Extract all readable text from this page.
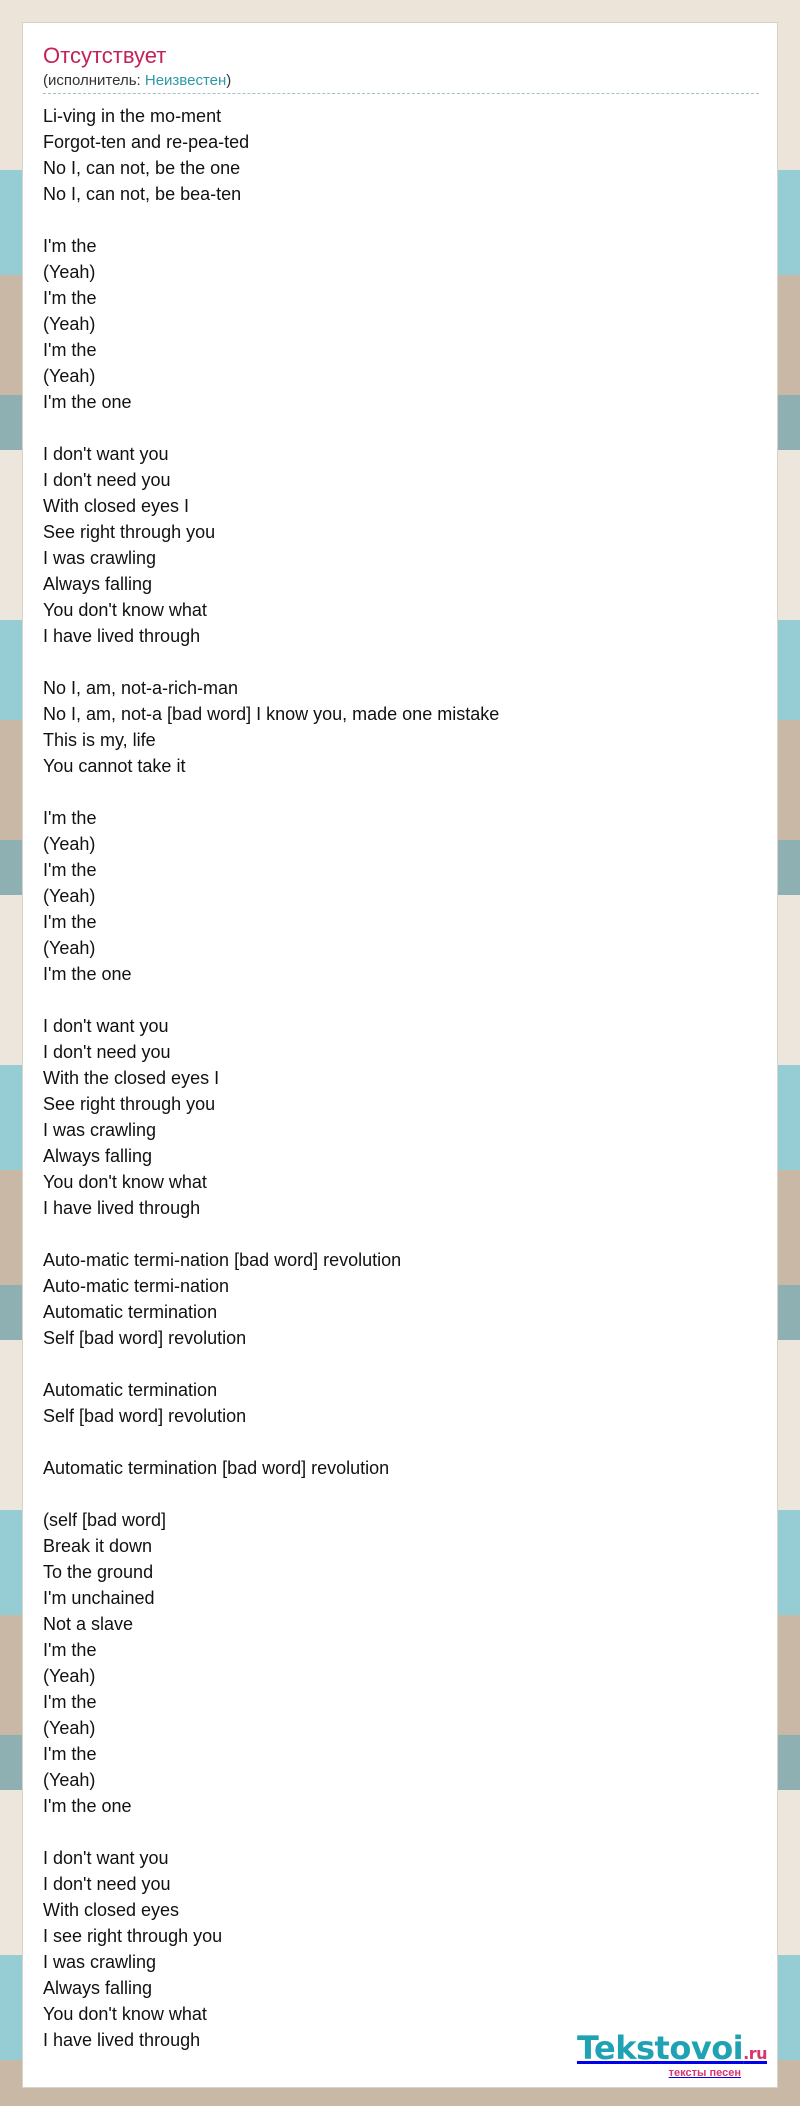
Отсутствует
(исполнитель: Неизвестен)
Li-ving in the mo-ment
Forgot-ten and re-pea-ted
No I, can not, be the one
No I, can not, be bea-ten
I'm the
(Yeah)
I'm the
(Yeah)
I'm the
(Yeah)
I'm the one
I don't want you
I don't need you
With closed eyes I
See right through you
I was crawling
Always falling
You don't know what
I have lived through
No I, am, not-a-rich-man
No I, am, not-a [bad word] I know you, made one mistake
This is my, life
You cannot take it
I'm the
(Yeah)
I'm the
(Yeah)
I'm the
(Yeah)
I'm the one
I don't want you
I don't need you
With the closed eyes I
See right through you
I was crawling
Always falling
You don't know what
I have lived through
Auto-matic termi-nation [bad word] revolution
Auto-matic termi-nation
Automatic termination
Self [bad word] revolution
Automatic termination
Self [bad word] revolution
Automatic termination [bad word] revolution
(self [bad word]
Break it down
To the ground
I'm unchained
Not a slave
I'm the
(Yeah)
I'm the
(Yeah)
I'm the
(Yeah)
I'm the one
I don't want you
I don't need you
With closed eyes
I see right through you
I was crawling
Always falling
You don't know what
I have lived through	Tekstovoi.ru
тексты песен
